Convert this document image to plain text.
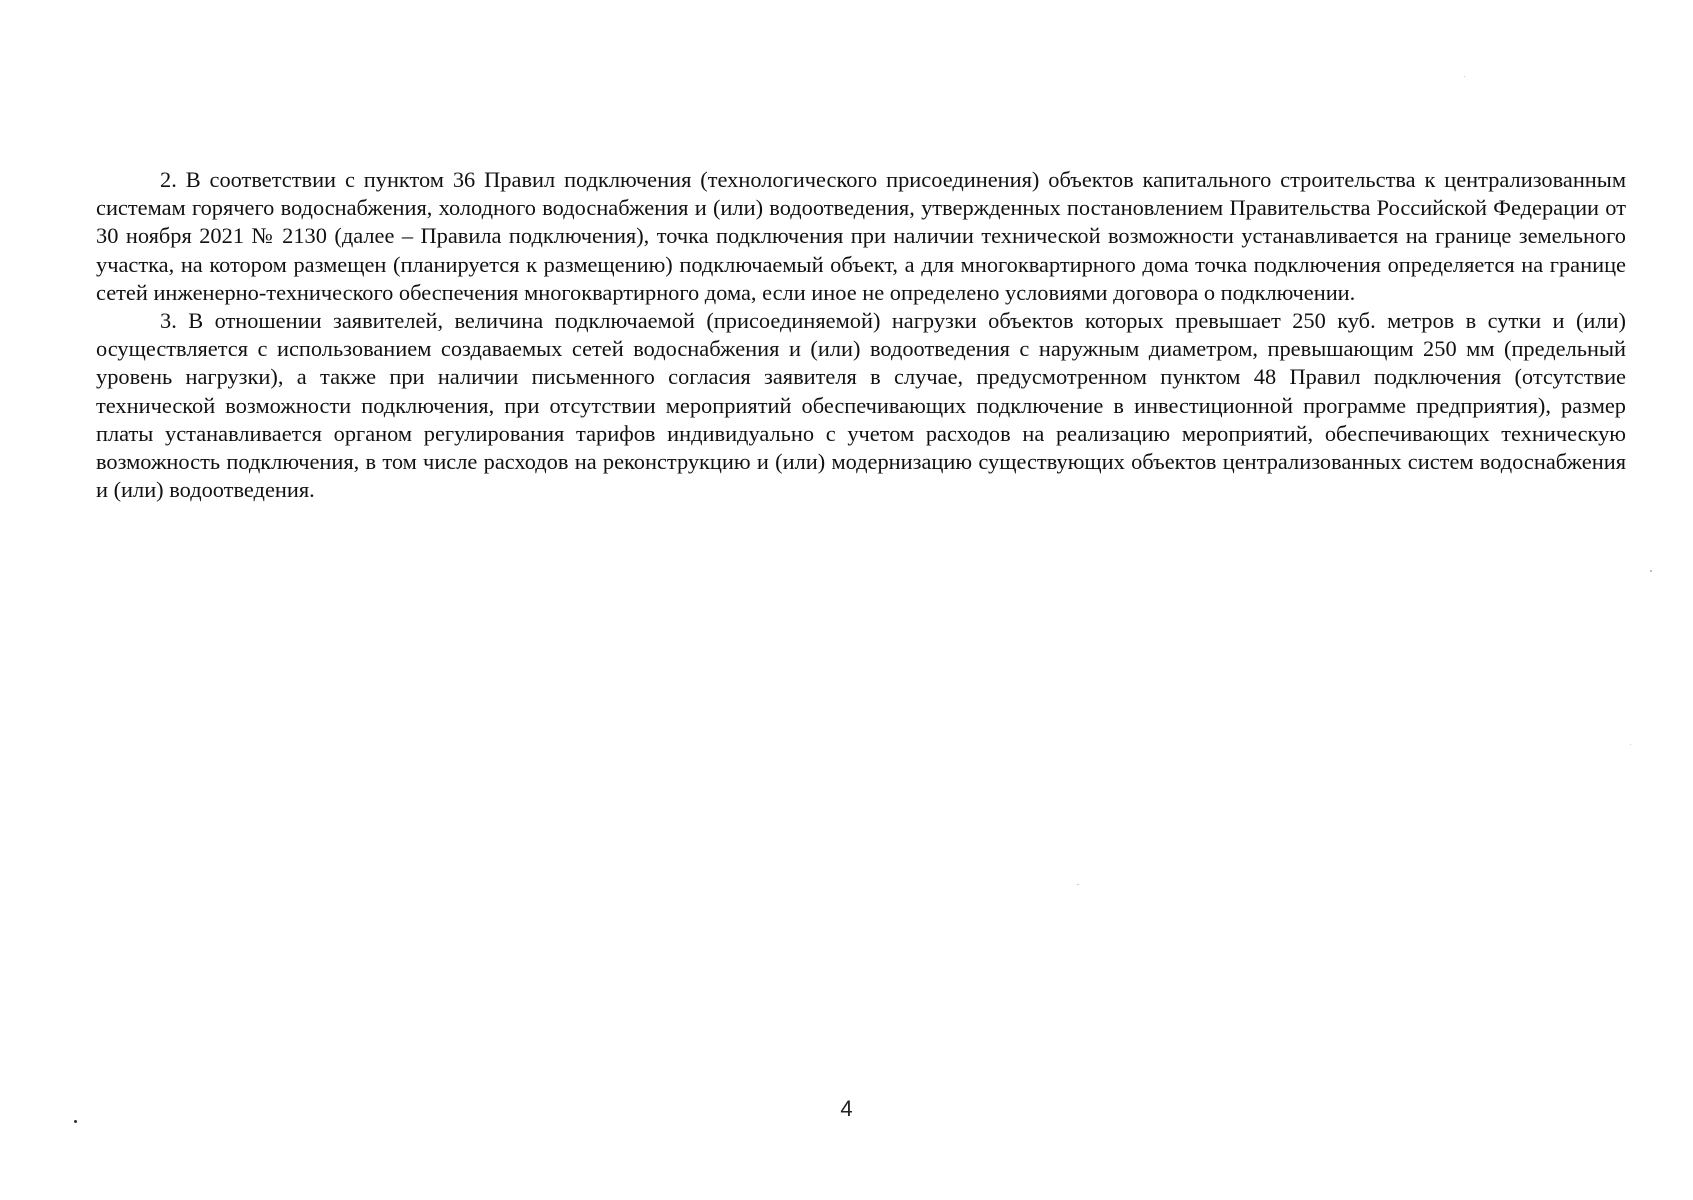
2. В соответствии с пунктом 36 Правил подключения (технологического присоединения) объектов капитального строительства к централизованным системам горячего водоснабжения, холодного водоснабжения и (или) водоотведения, утвержденных постановлением Правительства Российской Федерации от 30 ноября 2021 № 2130 (далее – Правила подключения), точка подключения при наличии технической возможности устанавливается на границе земельного участка, на котором размещен (планируется к размещению) подключаемый объект, а для многоквартирного дома точка подключения определяется на границе сетей инженерно-технического обеспечения многоквартирного дома, если иное не определено условиями договора о подключении.

3. В отношении заявителей, величина подключаемой (присоединяемой) нагрузки объектов которых превышает 250 куб. метров в сутки и (или) осуществляется с использованием создаваемых сетей водоснабжения и (или) водоотведения с наружным диаметром, превышающим 250 мм (предельный уровень нагрузки), а также при наличии письменного согласия заявителя в случае, предусмотренном пунктом 48 Правил подключения (отсутствие технической возможности подключения, при отсутствии мероприятий обеспечивающих подключение в инвестиционной программе предприятия), размер платы устанавливается органом регулирования тарифов индивидуально с учетом расходов на реализацию мероприятий, обеспечивающих техническую возможность подключения, в том числе расходов на реконструкцию и (или) модернизацию существующих объектов централизованных систем водоснабжения и (или) водоотведения.

4
